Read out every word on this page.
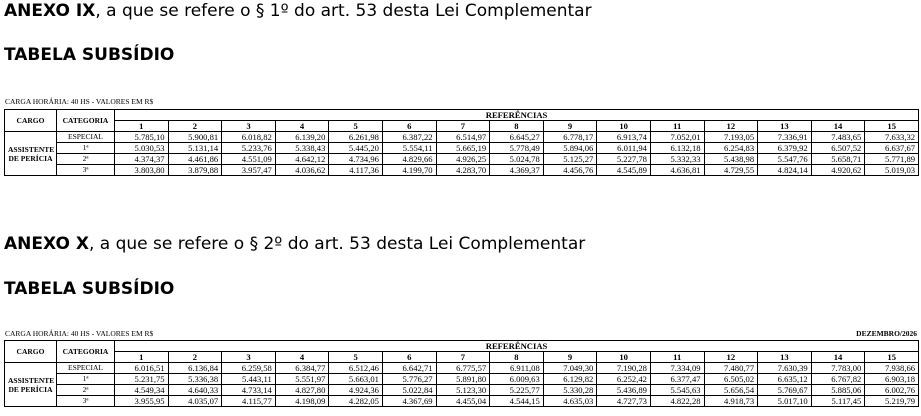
ANEXO IX, a que se refere o § 1º do art. 53 desta Lei Complementar
TABELA SUBSÍDIO
CARGA HORÁRIA: 40 HS - VALORES EM R$
CARGO	CATEGORIA	REFERÊNCIAS														
		1	2	3	4	5	6	7	8	9	10	11	12	13	14	15

ASSISTENTE
DE PERÍCIA	ESPECIAL	5.785,10	5.900,81	6.018,82	6.139,20	6.261,98	6.387,22	6.514,97	6.645,27	6.778,17	6.913,74	7.052,01	7.193,05	7.336,91	7.483,65	7.633,32
	1ª	5.030,53	5.131,14	5.233,76	5.338,43	5.445,20	5.554,11	5.665,19	5.778,49	5.894,06	6.011,94	6.132,18	6.254,83	6.379,92	6.507,52	6.637,67
	2ª	4.374,37	4.461,86	4.551,09	4.642,12	4.734,96	4.829,66	4.926,25	5.024,78	5.125,27	5.227,78	5.332,33	5.438,98	5.547,76	5.658,71	5.771,89
	3ª	3.803,80	3.879,88	3.957,47	4.036,62	4.117,36	4.199,70	4.283,70	4.369,37	4.456,76	4.545,89	4.636,81	4.729,55	4.824,14	4.920,62	5.019,03
ANEXO X, a que se refere o § 2º do art. 53 desta Lei Complementar
TABELA SUBSÍDIO
CARGA HORÁRIA: 40 HS - VALORES EM R$	DEZEMBRO/2026
CARGO	CATEGORIA	REFERÊNCIAS														
		1	2	3	4	5	6	7	8	9	10	11	12	13	14	15

ASSISTENTE
DE PERÍCIA	ESPECIAL	6.016,51	6.136,84	6.259,58	6.384,77	6.512,46	6.642,71	6.775,57	6.911,08	7.049,30	7.190,28	7.334,09	7.480,77	7.630,39	7.783,00	7.938,66
	1ª	5.231,75	5.336,38	5.443,11	5.551,97	5.663,01	5.776,27	5.891,80	6.009,63	6.129,82	6.252,42	6.377,47	6.505,02	6.635,12	6.767,82	6.903,18
	2ª	4.549,34	4.640,33	4.733,14	4.827,80	4.924,36	5.022,84	5.123,30	5.225,77	5.330,28	5.436,89	5.545,63	5.656,54	5.769,67	5.885,06	6.002,76
	3ª	3.955,95	4.035,07	4.115,77	4.198,09	4.282,05	4.367,69	4.455,04	4.544,15	4.635,03	4.727,73	4.822,28	4.918,73	5.017,10	5.117,45	5.219,79
